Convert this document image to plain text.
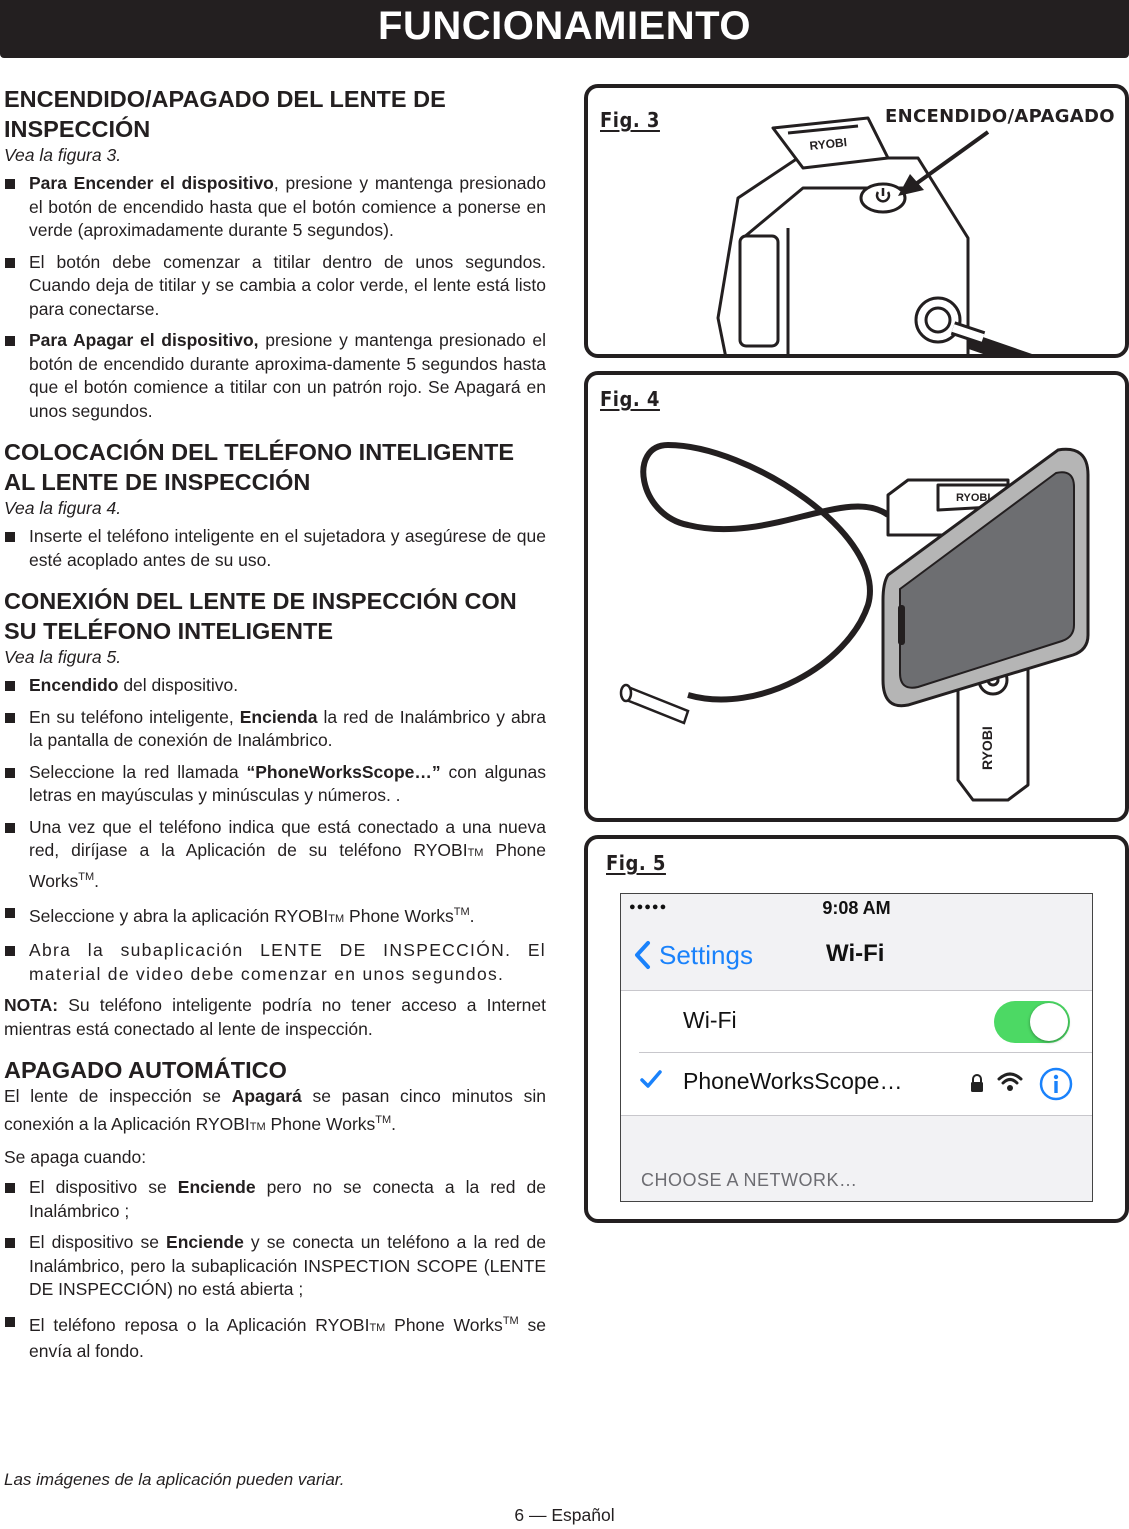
FUNCIONAMIENTO
ENCENDIDO/APAGADO DEL LENTE DE INSPECCIÓN
Vea la figura 3.
Para Encender el dispositivo, presione y mantenga presionado el botón de encendido hasta que el botón comience a ponerse en verde (aproximadamente durante 5 segundos).
El botón debe comenzar a titilar dentro de unos segundos. Cuando deja de titilar y se cambia a color verde, el lente está listo para conectarse.
Para Apagar el dispositivo, presione y mantenga presionado el botón de encendido durante aproxima-damente 5 segundos hasta que el botón comience a titilar con un patrón rojo. Se Apagará en unos segundos.
COLOCACIÓN DEL TELÉFONO INTELIGENTE AL LENTE DE INSPECCIÓN
Vea la figura 4.
Inserte el teléfono inteligente en el sujetadora y asegúrese de que esté acoplado antes de su uso.
CONEXIÓN DEL LENTE DE INSPECCIÓN CON SU TELÉFONO INTELIGENTE
Vea la figura 5.
Encendido del dispositivo.
En su teléfono inteligente, Encienda la red de Inalámbrico y abra la pantalla de conexión de Inalámbrico.
Seleccione la red llamada “PhoneWorksScope…” con algunas letras en mayúsculas y minúsculas y números. .
Una vez que el teléfono indica que está conectado a una nueva red, diríjase a la Aplicación de su teléfono RYOBITM Phone Works™.
Seleccione y abra la aplicación RYOBITM Phone Works™.
Abra la subaplicación LENTE DE INSPECCIÓN. El material de video debe comenzar en unos segundos.
NOTA: Su teléfono inteligente podría no tener acceso a Internet mientras está conectado al lente de inspección.
APAGADO AUTOMÁTICO
El lente de inspección se Apagará se pasan cinco minutos sin conexión a la Aplicación RYOBITM Phone Works™.
Se apaga cuando:
El dispositivo se Enciende pero no se conecta a la red de Inalámbrico ;
El dispositivo se Enciende y se conecta un teléfono a la red de Inalámbrico, pero la subaplicación INSPECTION SCOPE (LENTE DE INSPECCIÓN) no está abierta ;
El teléfono reposa o la Aplicación RYOBITM Phone Works™ se envía al fondo.
RYOBI
Fig. 3	ENCENDIDO/APAGADO
RYOBI
RYOBI
Fig. 4
Fig. 5
●●●●●	9:08 AM
Settings	Wi-Fi
Wi-Fi
PhoneWorksScope…
CHOOSE A NETWORK…
Las imágenes de la aplicación pueden variar.
6 — Español
